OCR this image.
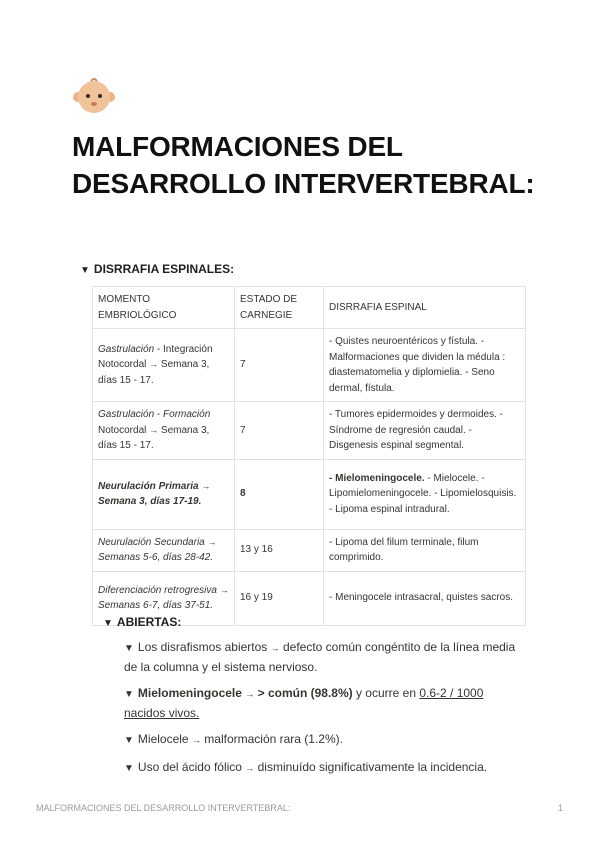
MALFORMACIONES DEL DESARROLLO INTERVERTEBRAL:
▼ DISRRAFIA ESPINALES:
MOMENTO EMBRIOLÓGICO	ESTADO DE CARNEGIE	DISRRAFIA ESPINAL
Gastrulación - Integración Notocordal → Semana 3, días 15 - 17.	7	- Quistes neuroentéricos y fístula. - Malformaciones que dividen la médula : diastematomelia y diplomielia. - Seno dermal, fístula.
Gastrulación - Formación Notocordal → Semana 3, días 15 - 17.	7	- Tumores epidermoides y dermoides. - Síndrome de regresión caudal. - Disgenesis espinal segmental.
Neurulación Primaria → Semana 3, días 17-19.	8	- Mielomeningocele. - Mielocele. - Lipomielomeningocele. - Lipomielosquisis. - Lipoma espinal intradural.
Neurulación Secundaria → Semanas 5-6, días 28-42.	13 y 16	- Lipoma del filum terminale, filum comprimido.
Diferenciación retrogresiva → Semanas 6-7, días 37-51.	16 y 19	- Meningocele intrasacral, quistes sacros.
▼ ABIERTAS:

▼ Los disrafismos abiertos → defecto común congéntito de la línea media de la columna y el sistema nervioso.

▼ Mielomeningocele → > común (98.8%) y ocurre en 0.6-2 / 1000 nacidos vivos.

▼ Mielocele → malformación rara (1.2%).

▼ Uso del ácido fólico → disminuído significativamente la incidencia.

MALFORMACIONES DEL DESARROLLO INTERVERTEBRAL:	1
